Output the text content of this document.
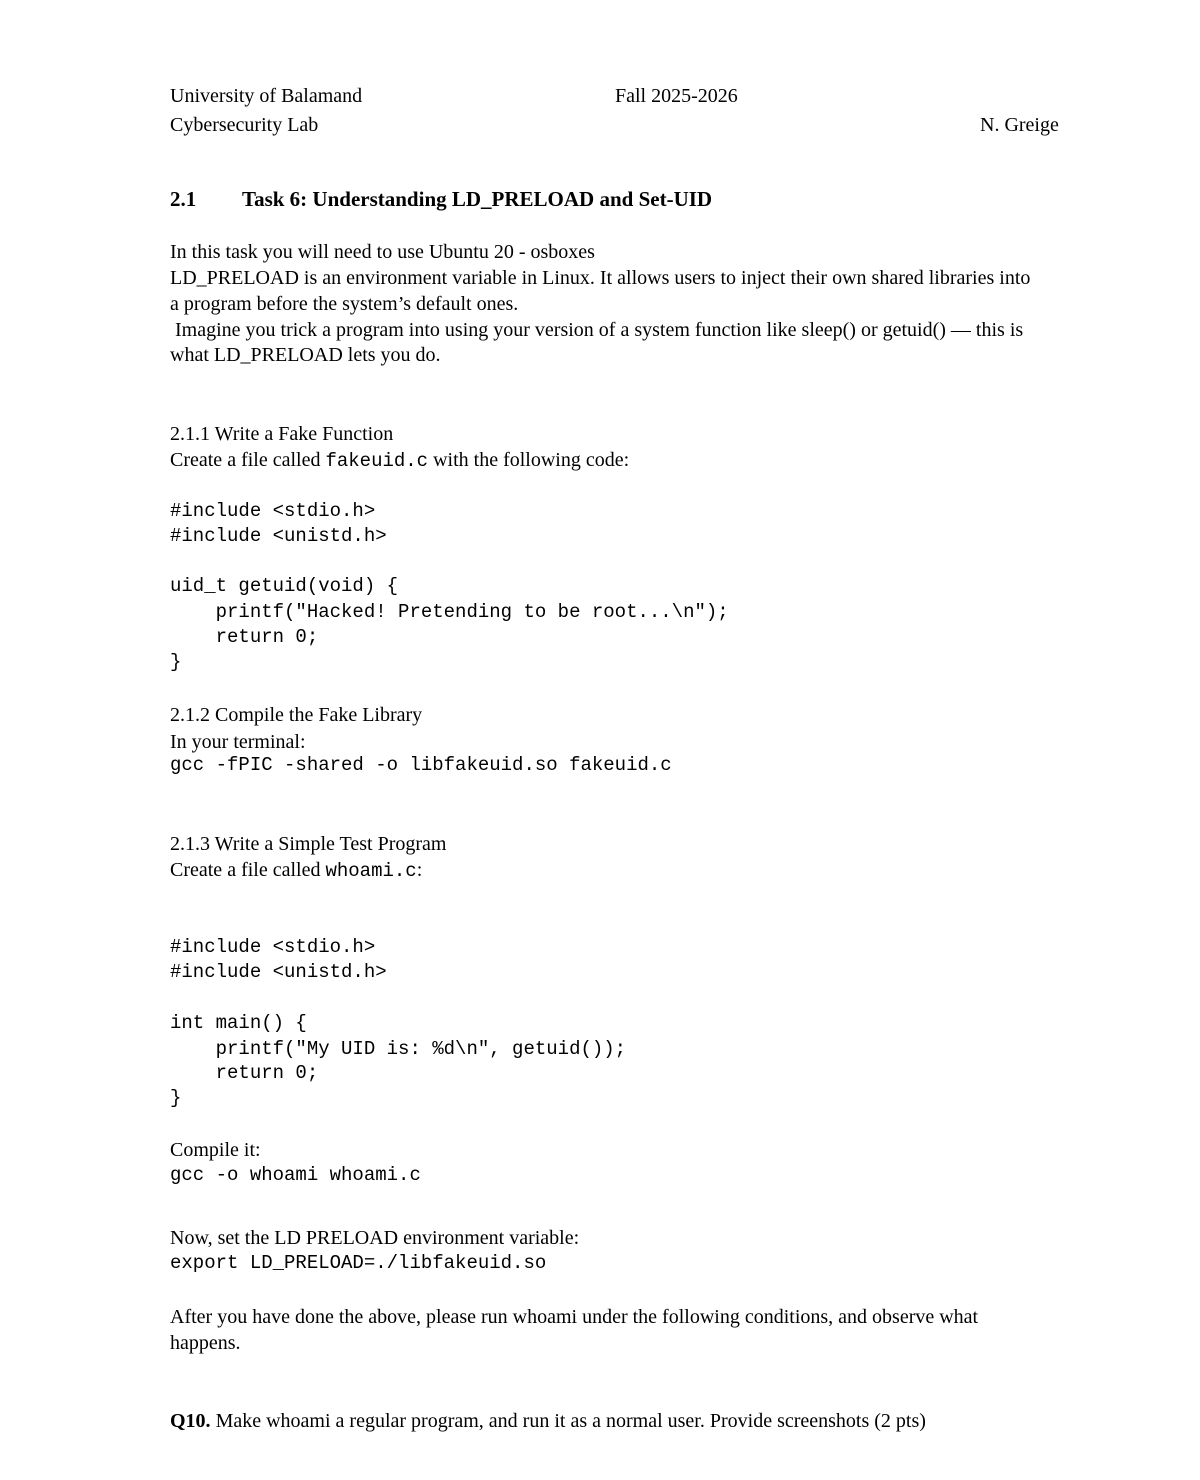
University of Balamand	Fall 2025-2026
Cybersecurity Lab	N. Greige
2.1 Task 6: Understanding LD_PRELOAD and Set-UID
In this task you will need to use Ubuntu 20 - osboxes
LD_PRELOAD is an environment variable in Linux. It allows users to inject their own shared libraries into
a program before the system’s default ones.
Imagine you trick a program into using your version of a system function like sleep() or getuid() — this is
what LD_PRELOAD lets you do.
2.1.1 Write a Fake Function
Create a file called fakeuid.c with the following code:
#include <stdio.h>
#include <unistd.h>
uid_t getuid(void) {
printf("Hacked! Pretending to be root...\n");
return 0;
}
2.1.2 Compile the Fake Library
In your terminal:
gcc -fPIC -shared -o libfakeuid.so fakeuid.c
2.1.3 Write a Simple Test Program
Create a file called whoami.c:
#include <stdio.h>
#include <unistd.h>
int main() {
printf("My UID is: %d\n", getuid());
return 0;
}
Compile it:
gcc -o whoami whoami.c
Now, set the LD PRELOAD environment variable:
export LD_PRELOAD=./libfakeuid.so
After you have done the above, please run whoami under the following conditions, and observe what
happens.
Q10. Make whoami a regular program, and run it as a normal user. Provide screenshots (2 pts)
